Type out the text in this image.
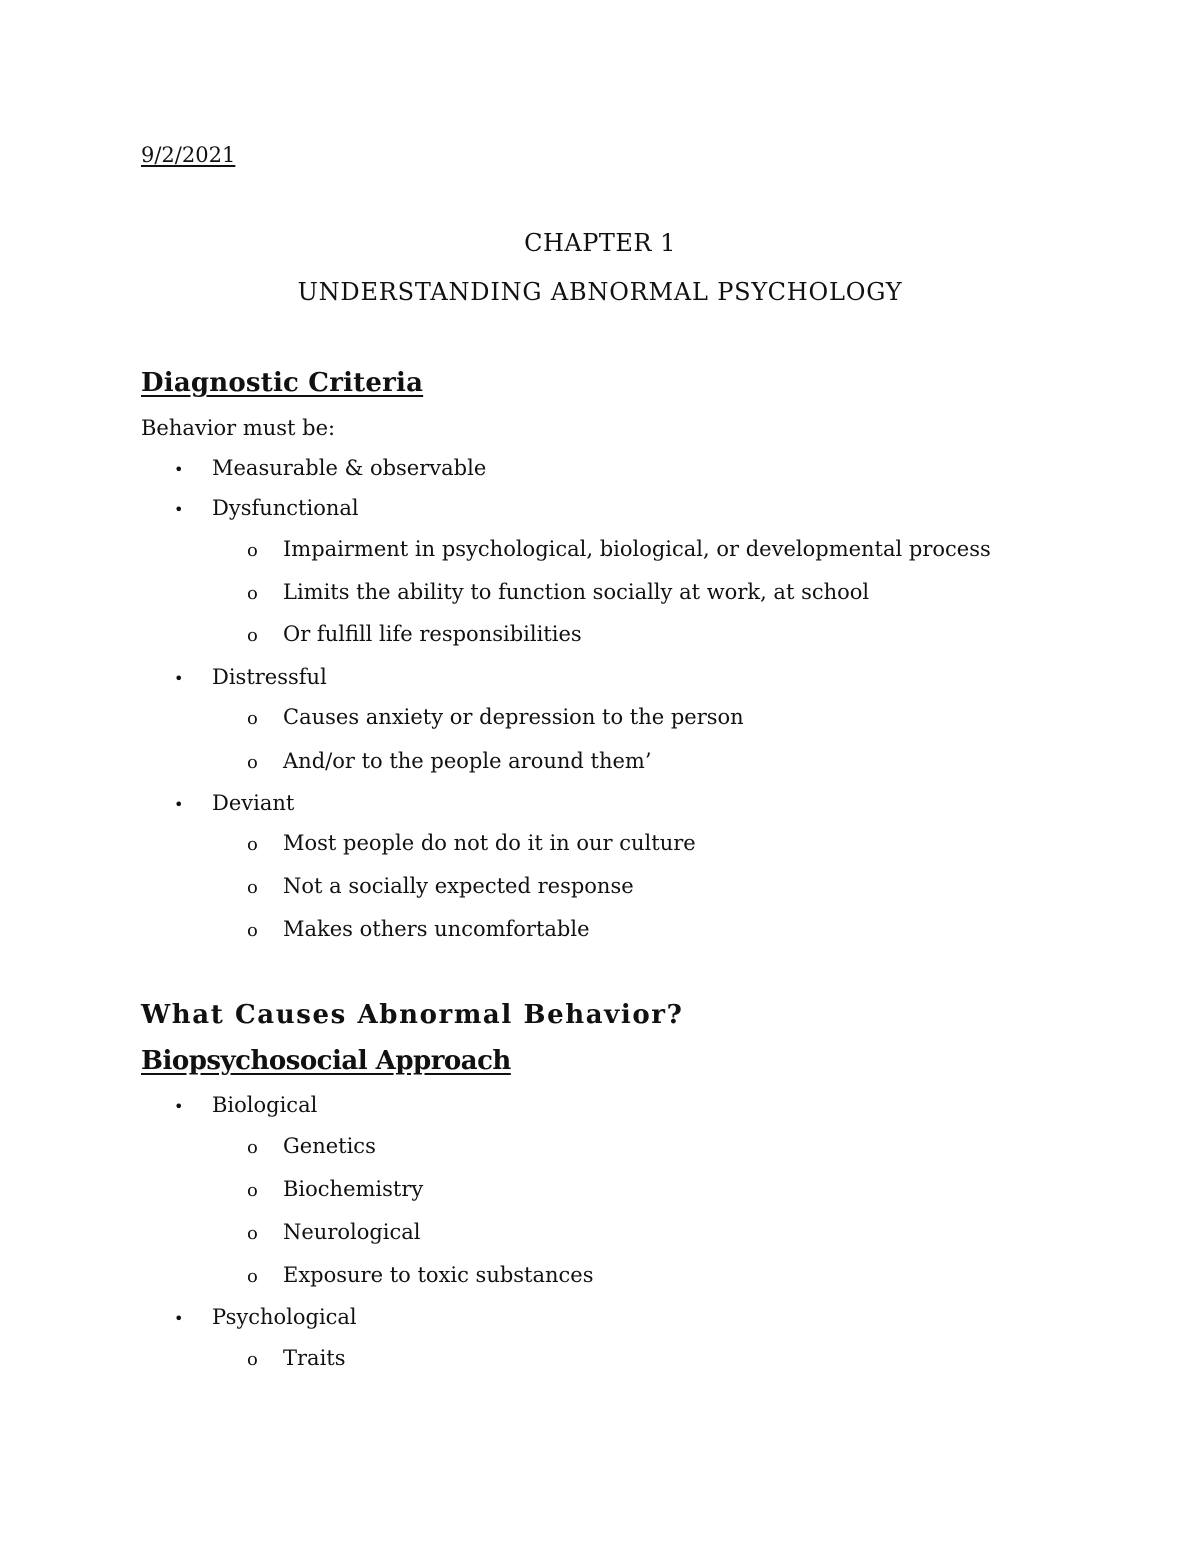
9/2/2021

CHAPTER 1
UNDERSTANDING ABNORMAL PSYCHOLOGY
Diagnostic Criteria

Behavior must be:

• Measurable & observable

• Dysfunctional

o Impairment in psychological, biological, or developmental process

o Limits the ability to function socially at work, at school

o Or fulfill life responsibilities

• Distressful

o Causes anxiety or depression to the person

o And/or to the people around them’

• Deviant

o Most people do not do it in our culture

o Not a socially expected response

o Makes others uncomfortable

What Causes Abnormal Behavior?
Biopsychosocial Approach
• Biological

o Genetics

o Biochemistry

o Neurological

o Exposure to toxic substances

• Psychological

o Traits
